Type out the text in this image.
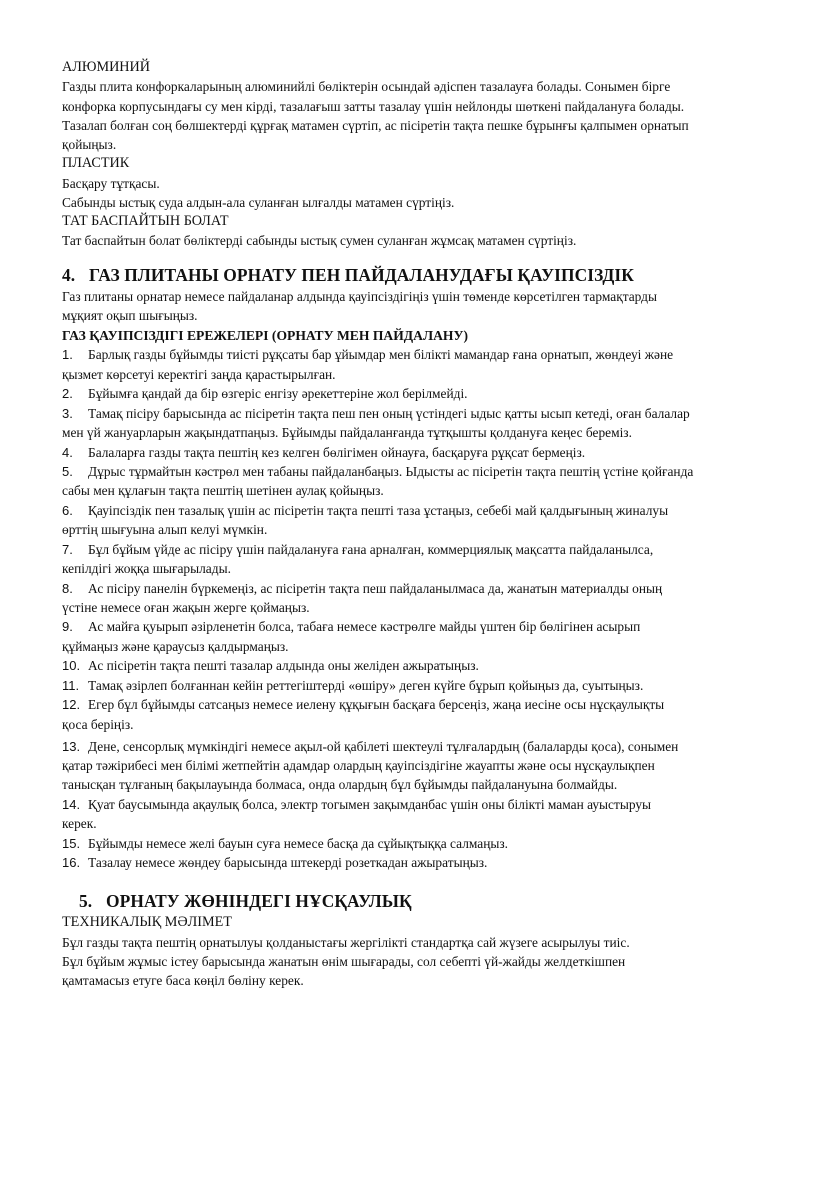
АЛЮМИНИЙ
Газды плита конфоркаларының алюминийлі бөліктерін осындай әдіспен тазалауға болады. Сонымен бірге
конфорка корпусындағы су мен кірді, тазалағыш затты тазалау үшін нейлонды шөткені пайдалануға болады.
Тазалап болған соң бөлшектерді құрғақ матамен сүртіп, ас пісіретін тақта пешке бұрынғы қалпымен орнатып
қойыңыз.
ПЛАСТИК
Басқару тұтқасы.
Сабынды ыстық суда алдын-ала суланған ылғалды матамен сүртіңіз.
ТАТ БАСПАЙТЫН БОЛАТ
Тат баспайтын болат бөліктерді сабынды ыстық сумен суланған жұмсақ матамен сүртіңіз.
4. ГАЗ ПЛИТАНЫ ОРНАТУ ПЕН ПАЙДАЛАНУДАҒЫ ҚАУІПСІЗДІК
Газ плитаны орнатар немесе пайдаланар алдында қауіпсіздігіңіз үшін төменде көрсетілген тармақтарды
мұқият оқып шығыңыз.
ГАЗ ҚАУІПСІЗДІГІ ЕРЕЖЕЛЕРІ (ОРНАТУ МЕН ПАЙДАЛАНУ)
1. Барлық газды бұйымды тиісті рұқсаты бар ұйымдар мен білікті мамандар ғана орнатып, жөндеуі және
қызмет көрсетуі керектігі заңда қарастырылған.
2. Бұйымға қандай да бір өзгеріс енгізу әрекеттеріне жол берілмейді.
3. Тамақ пісіру барысында ас пісіретін тақта пеш пен оның үстіндегі ыдыс қатты ысып кетеді, оған балалар
мен үй жануарларын жақындатпаңыз. Бұйымды пайдаланғанда тұтқышты қолдануға кеңес береміз.
4. Балаларға газды тақта пештің кез келген бөлігімен ойнауға, басқаруға рұқсат бермеңіз.
5. Дұрыс тұрмайтын кәстрөл мен табаны пайдаланбаңыз. Ыдысты ас пісіретін тақта пештің үстіне қойғанда
сабы мен құлағын тақта пештің шетінен аулақ қойыңыз.
6. Қауіпсіздік пен тазалық үшін ас пісіретін тақта пешті таза ұстаңыз, себебі май қалдығының жиналуы
өрттің шығуына алып келуі мүмкін.
7. Бұл бұйым үйде ас пісіру үшін пайдалануға ғана арналған, коммерциялық мақсатта пайдаланылса,
кепілдігі жоққа шығарылады.
8. Ас пісіру панелін бүркемеңіз, ас пісіретін тақта пеш пайдаланылмаса да, жанатын материалды оның
үстіне немесе оған жақын жерге қоймаңыз.
9. Ас майға қуырып әзірленетін болса, табаға немесе кәстрөлге майды үштен бір бөлігінен асырып
құймаңыз және қараусыз қалдырмаңыз.
10. Ас пісіретін тақта пешті тазалар алдында оны желіден ажыратыңыз.
11. Тамақ әзірлеп болғаннан кейін реттегіштерді «өшіру» деген күйге бұрып қойыңыз да, суытыңыз.
12. Егер бұл бұйымды сатсаңыз немесе иелену құқығын басқаға берсеңіз, жаңа иесіне осы нұсқаулықты
қоса беріңіз.
13. Дене, сенсорлық мүмкіндігі немесе ақыл-ой қабілеті шектеулі тұлғалардың (балаларды қоса), сонымен
қатар тәжірибесі мен білімі жетпейтін адамдар олардың қауіпсіздігіне жауапты және осы нұсқаулықпен
танысқан тұлғаның бақылауында болмаса, онда олардың бұл бұйымды пайдалануына болмайды.
14. Қуат баусымында ақаулық болса, электр тогымен зақымданбас үшін оны білікті маман ауыстыруы
керек.
15. Бұйымды немесе желі бауын суға немесе басқа да сұйықтыққа салмаңыз.
16. Тазалау немесе жөндеу барысында штекерді розеткадан ажыратыңыз.
5. ОРНАТУ ЖӨНІНДЕГІ НҰСҚАУЛЫҚ
ТЕХНИКАЛЫҚ МӘЛІМЕТ
Бұл газды тақта пештің орнатылуы қолданыстағы жергілікті стандартқа сай жүзеге асырылуы тиіс.
Бұл бұйым жұмыс істеу барысында жанатын өнім шығарады, сол себепті үй-жайды желдеткішпен
қамтамасыз етуге баса көңіл бөліну керек.
